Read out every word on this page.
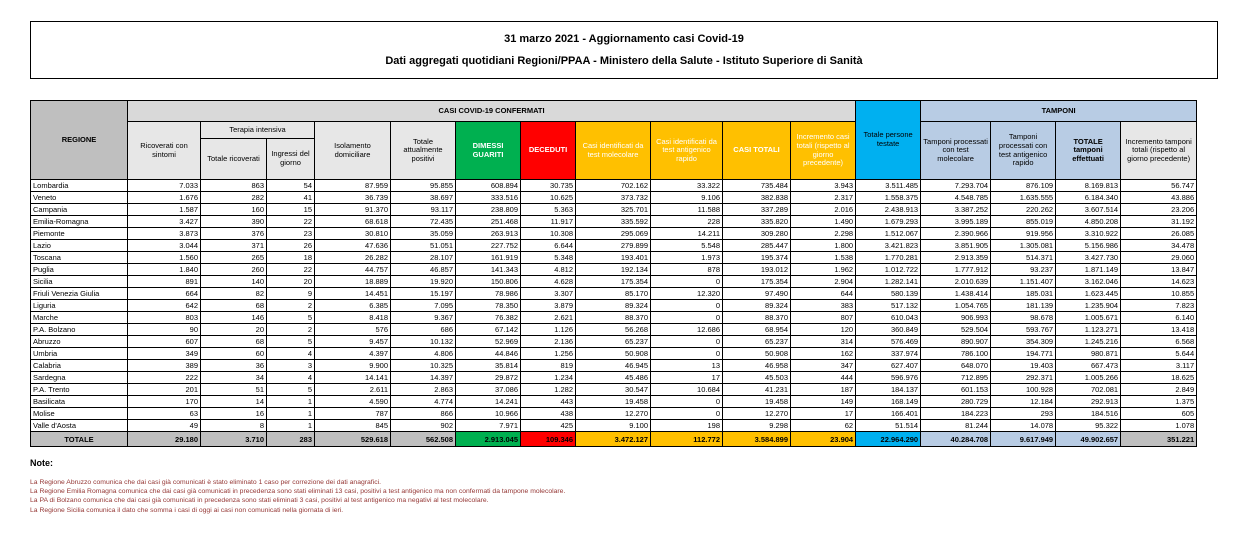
31 marzo 2021 - Aggiornamento casi Covid-19
Dati aggregati quotidiani Regioni/PPAA - Ministero della Salute - Istituto Superiore di Sanità
REGIONE	CASI COVID-19 CONFERMATI											Totale persone testate	TAMPONI			
	Ricoverati con sintomi	Terapia intensiva		Isolamento domiciliare	Totale attualmente positivi	DIMESSI GUARITI	DECEDUTI	Casi identificati da test molecolare	Casi identificati da test antigenico rapido	CASI TOTALI	Incremento casi totali (rispetto al giorno precedente)		Tamponi processati con test molecolare	Tamponi processati con test antigenico rapido	TOTALE tamponi effettuati	Incremento tamponi totali (rispetto al giorno precedente)
		Totale ricoverati	Ingressi del giorno													
Lombardia	7.033	863	54	87.959	95.855	608.894	30.735	702.162	33.322	735.484	3.943	3.511.485	7.293.704	876.109	8.169.813	56.747
Veneto	1.676	282	41	36.739	38.697	333.516	10.625	373.732	9.106	382.838	2.317	1.558.375	4.548.785	1.635.555	6.184.340	43.886
Campania	1.587	160	15	91.370	93.117	238.809	5.363	325.701	11.588	337.289	2.016	2.438.913	3.387.252	220.262	3.607.514	23.206
Emilia-Romagna	3.427	390	22	68.618	72.435	251.468	11.917	335.592	228	335.820	1.490	1.679.293	3.995.189	855.019	4.850.208	31.192
Piemonte	3.873	376	23	30.810	35.059	263.913	10.308	295.069	14.211	309.280	2.298	1.512.067	2.390.966	919.956	3.310.922	26.085
Lazio	3.044	371	26	47.636	51.051	227.752	6.644	279.899	5.548	285.447	1.800	3.421.823	3.851.905	1.305.081	5.156.986	34.478
Toscana	1.560	265	18	26.282	28.107	161.919	5.348	193.401	1.973	195.374	1.538	1.770.281	2.913.359	514.371	3.427.730	29.060
Puglia	1.840	260	22	44.757	46.857	141.343	4.812	192.134	878	193.012	1.962	1.012.722	1.777.912	93.237	1.871.149	13.847
Sicilia	891	140	20	18.889	19.920	150.806	4.628	175.354	0	175.354	2.904	1.282.141	2.010.639	1.151.407	3.162.046	14.623
Friuli Venezia Giulia	664	82	9	14.451	15.197	78.986	3.307	85.170	12.320	97.490	644	580.139	1.438.414	185.031	1.623.445	10.855
Liguria	642	68	2	6.385	7.095	78.350	3.879	89.324	0	89.324	383	517.132	1.054.765	181.139	1.235.904	7.823
Marche	803	146	5	8.418	9.367	76.382	2.621	88.370	0	88.370	807	610.043	906.993	98.678	1.005.671	6.140
P.A. Bolzano	90	20	2	576	686	67.142	1.126	56.268	12.686	68.954	120	360.849	529.504	593.767	1.123.271	13.418
Abruzzo	607	68	5	9.457	10.132	52.969	2.136	65.237	0	65.237	314	576.469	890.907	354.309	1.245.216	6.568
Umbria	349	60	4	4.397	4.806	44.846	1.256	50.908	0	50.908	162	337.974	786.100	194.771	980.871	5.644
Calabria	389	36	3	9.900	10.325	35.814	819	46.945	13	46.958	347	627.407	648.070	19.403	667.473	3.117
Sardegna	222	34	4	14.141	14.397	29.872	1.234	45.486	17	45.503	444	596.976	712.895	292.371	1.005.266	18.625
P.A. Trento	201	51	5	2.611	2.863	37.086	1.282	30.547	10.684	41.231	187	184.137	601.153	100.928	702.081	2.849
Basilicata	170	14	1	4.590	4.774	14.241	443	19.458	0	19.458	149	168.149	280.729	12.184	292.913	1.375
Molise	63	16	1	787	866	10.966	438	12.270	0	12.270	17	166.401	184.223	293	184.516	605
Valle d'Aosta	49	8	1	845	902	7.971	425	9.100	198	9.298	62	51.514	81.244	14.078	95.322	1.078
TOTALE	29.180	3.710	283	529.618	562.508	2.913.045	109.346	3.472.127	112.772	3.584.899	23.904	22.964.290	40.284.708	9.617.949	49.902.657	351.221
Note:
La Regione Abruzzo comunica che dai casi già comunicati è stato eliminato 1 caso per correzione dei dati anagrafici.
La Regione Emilia Romagna comunica che dai casi già comunicati in precedenza sono stati eliminati 13 casi, positivi a test antigenico ma non confermati da tampone molecolare.
La PA di Bolzano comunica che dai casi già comunicati in precedenza sono stati eliminati 3 casi, positivi al test antigenico ma negativi al test molecolare.
La Regione Sicilia comunica il dato che somma i casi di oggi ai casi non comunicati nella giornata di ieri.
